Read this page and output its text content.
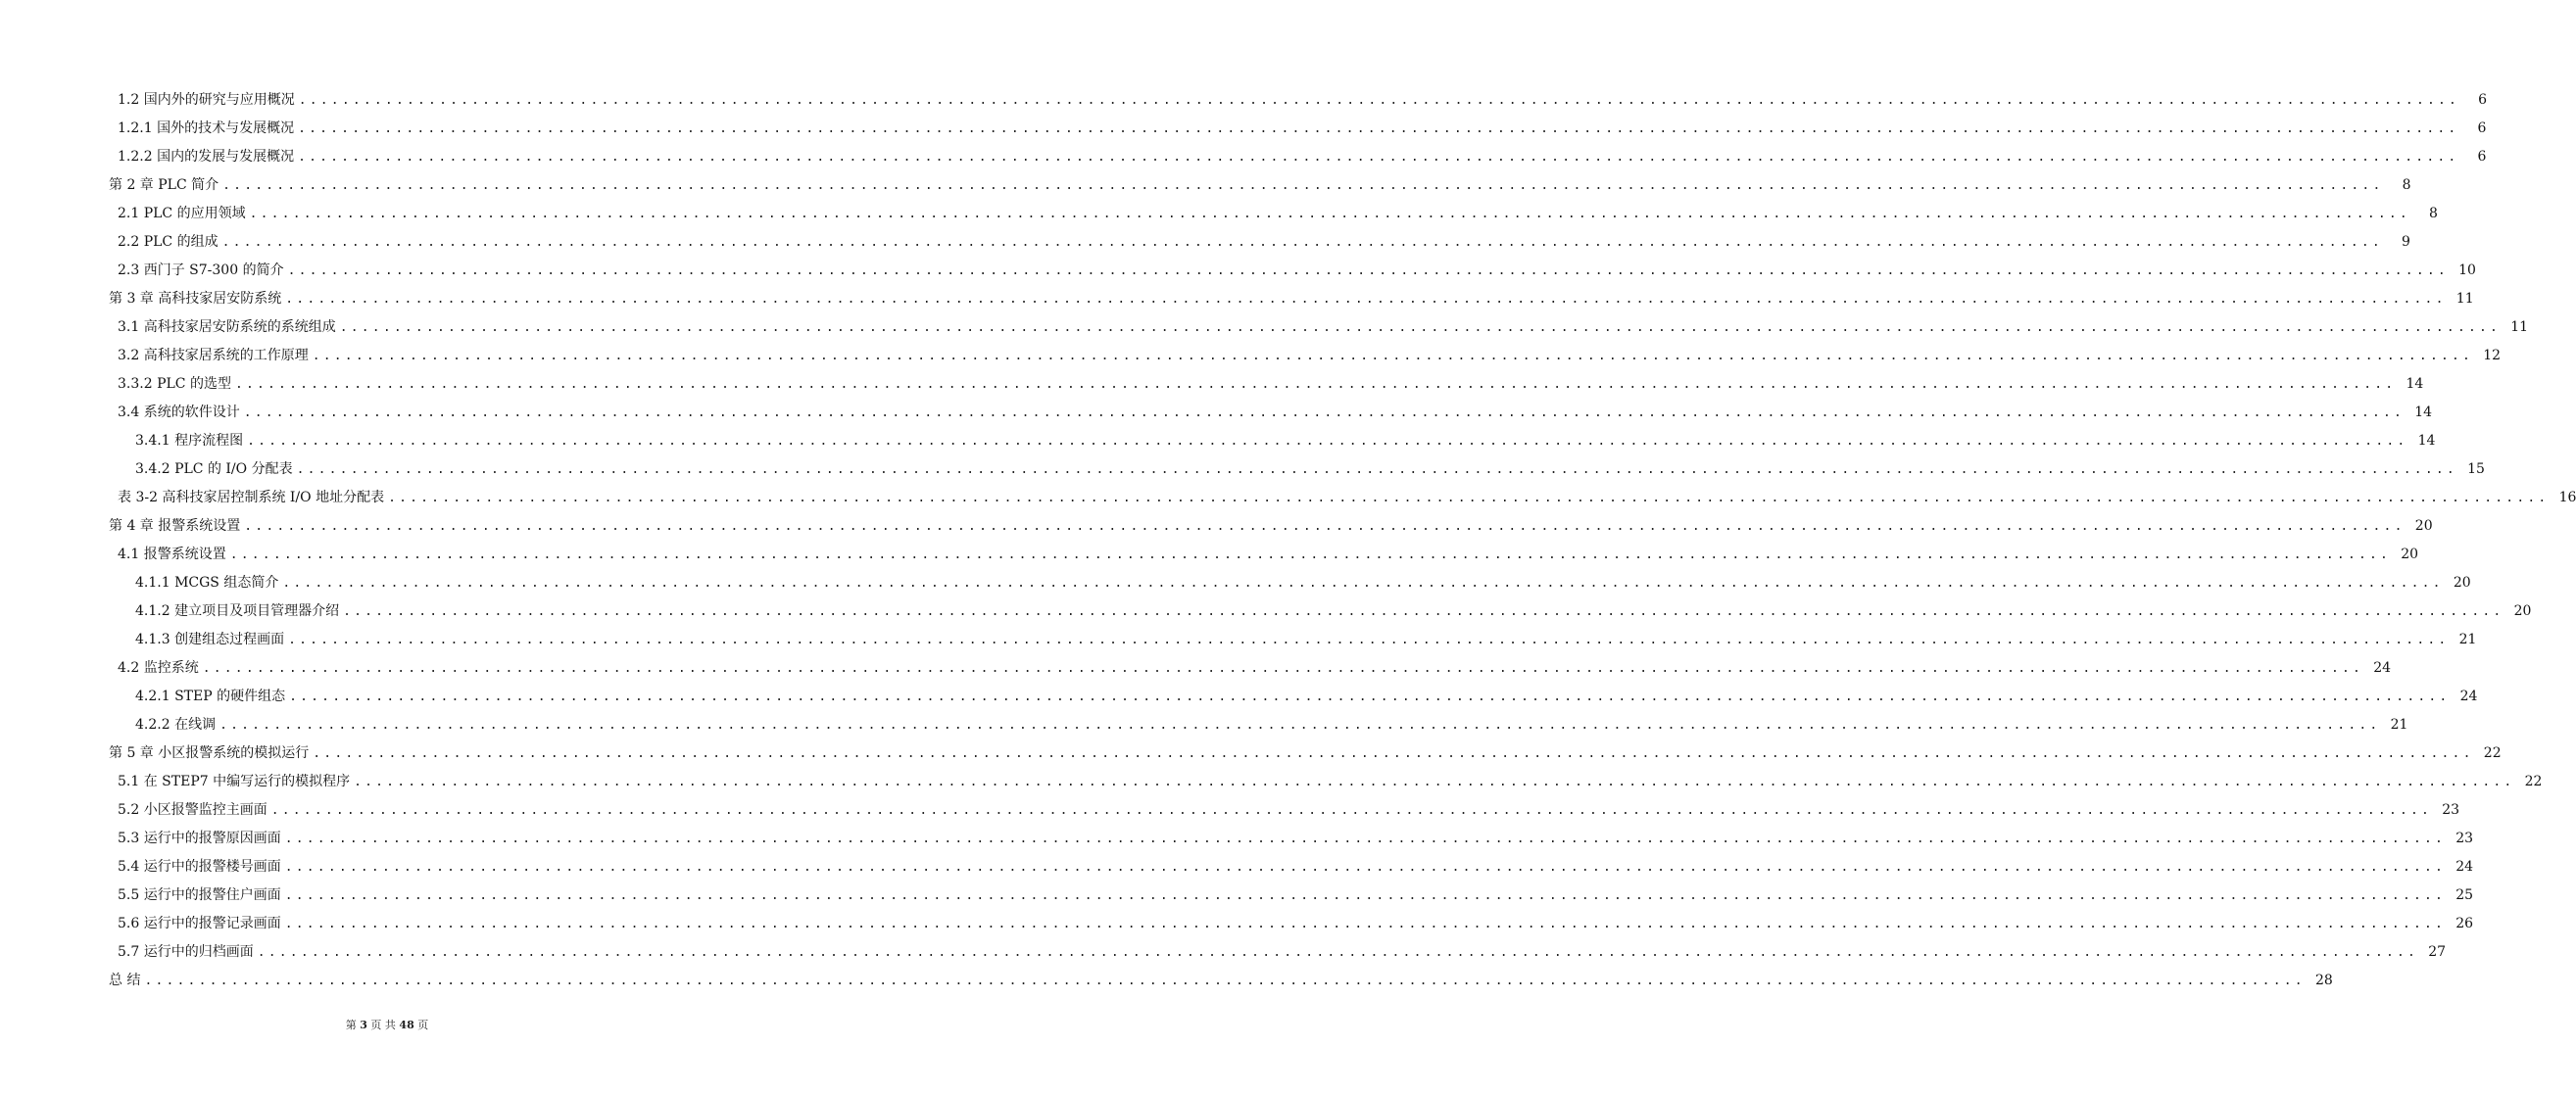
1.2 国内外的研究与应用概况 ........................................................................................................................................................................................................	6
1.2.1 国外的技术与发展概况 ........................................................................................................................................................................................................	6
1.2.2 国内的发展与发展概况 ........................................................................................................................................................................................................	6
第 2 章 PLC 简介 ........................................................................................................................................................................................................	8
2.1 PLC 的应用领域 ........................................................................................................................................................................................................	8
2.2 PLC 的组成 ........................................................................................................................................................................................................	9
2.3 西门子 S7-300 的简介 ........................................................................................................................................................................................................ 10
第 3 章 高科技家居安防系统 ........................................................................................................................................................................................................ 11
3.1 高科技家居安防系统的系统组成 ........................................................................................................................................................................................................ 11
3.2 高科技家居系统的工作原理 ........................................................................................................................................................................................................ 12
3.3.2 PLC 的选型 ........................................................................................................................................................................................................ 14
3.4 系统的软件设计 ........................................................................................................................................................................................................ 14
3.4.1 程序流程图 ........................................................................................................................................................................................................ 14
3.4.2 PLC 的 I/O 分配表 ........................................................................................................................................................................................................ 15
表 3-2 高科技家居控制系统 I/O 地址分配表 ........................................................................................................................................................................................................ 16
第 4 章 报警系统设置 ........................................................................................................................................................................................................ 20
4.1 报警系统设置 ........................................................................................................................................................................................................ 20
4.1.1 MCGS 组态简介 ........................................................................................................................................................................................................ 20
4.1.2 建立项目及项目管理器介绍 ........................................................................................................................................................................................................ 20
4.1.3 创建组态过程画面 ........................................................................................................................................................................................................ 21
4.2 监控系统 ........................................................................................................................................................................................................ 24
4.2.1 STEP 的硬件组态 ........................................................................................................................................................................................................ 24
4.2.2 在线调 ........................................................................................................................................................................................................ 21
第 5 章 小区报警系统的模拟运行 ........................................................................................................................................................................................................ 22
5.1 在 STEP7 中编写运行的模拟程序 ........................................................................................................................................................................................................ 22
5.2 小区报警监控主画面 ........................................................................................................................................................................................................ 23
5.3 运行中的报警原因画面 ........................................................................................................................................................................................................ 23
5.4 运行中的报警楼号画面 ........................................................................................................................................................................................................ 24
5.5 运行中的报警住户画面 ........................................................................................................................................................................................................ 25
5.6 运行中的报警记录画面 ........................................................................................................................................................................................................ 26
5.7 运行中的归档画面 ........................................................................................................................................................................................................ 27
总 结 ........................................................................................................................................................................................................ 28
第 3 页 共 48 页
